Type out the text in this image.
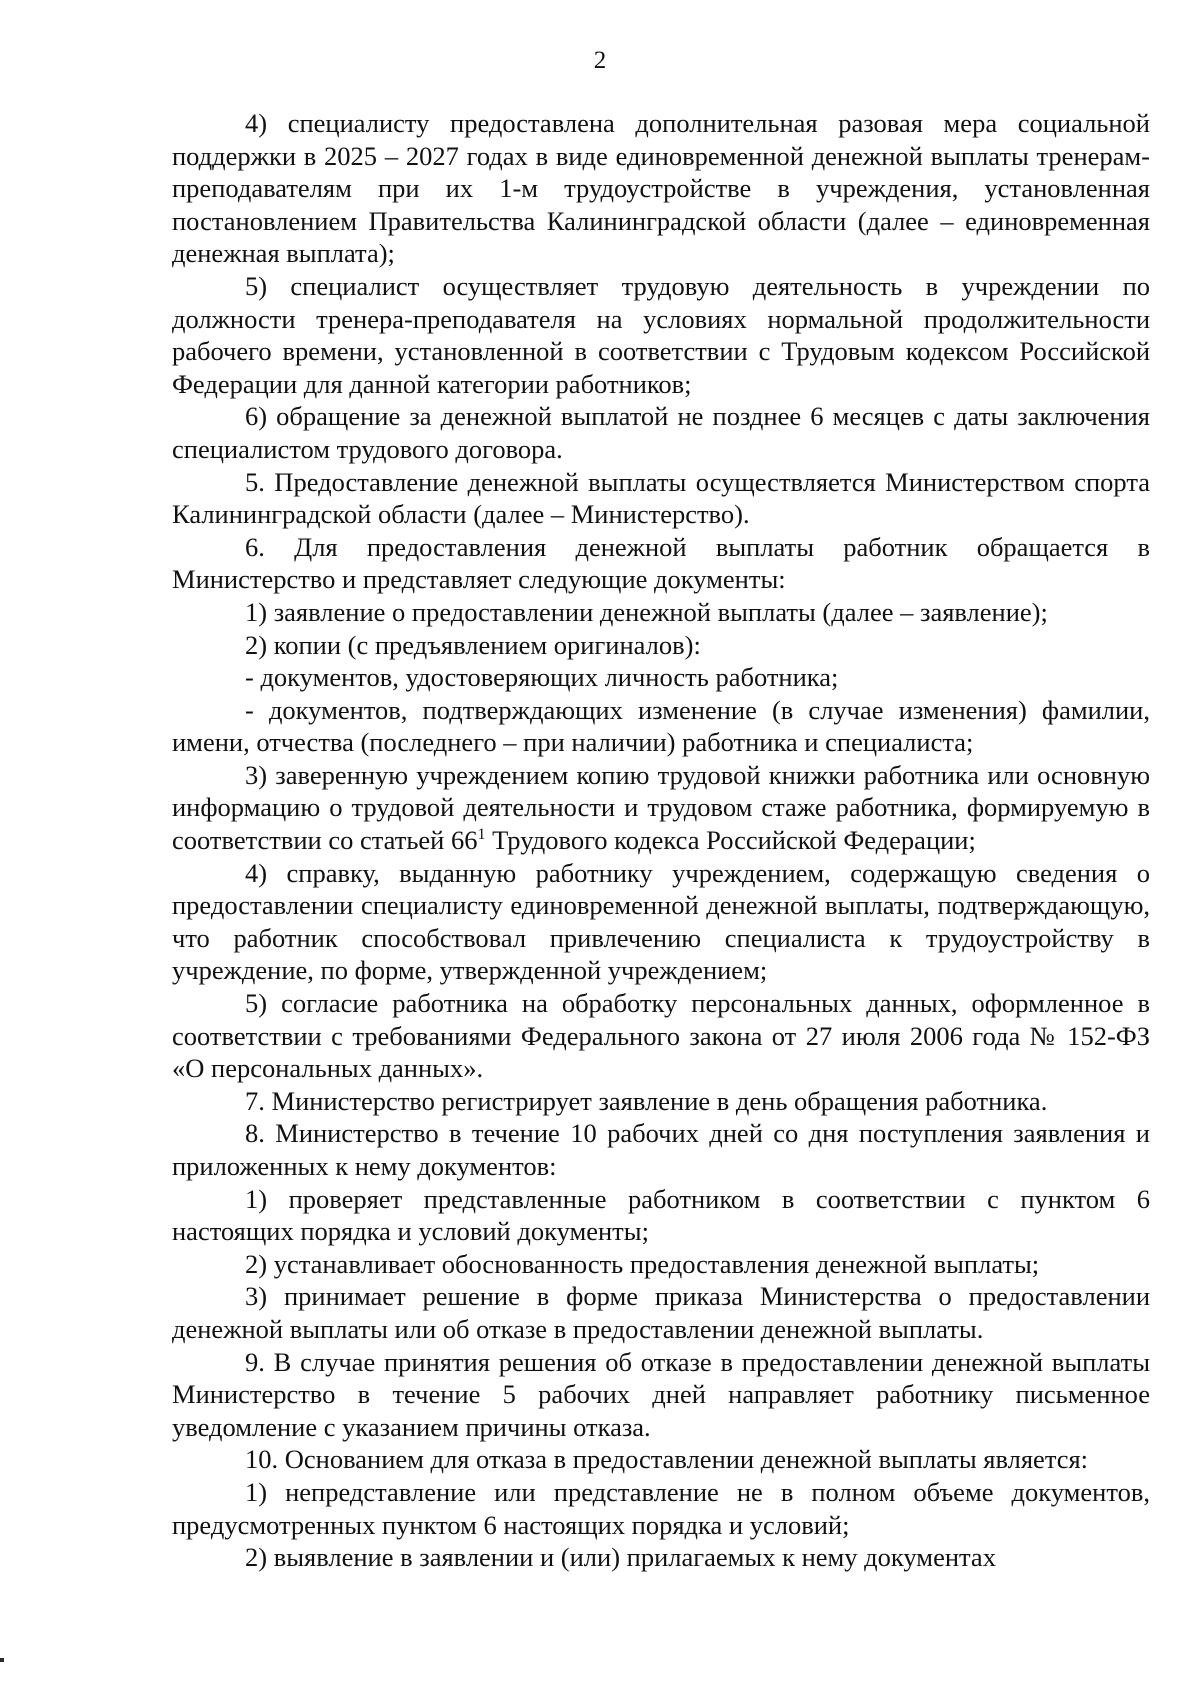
2

4) специалисту предоставлена дополнительная разовая мера социальной поддержки в 2025 – 2027 годах в виде единовременной денежной выплаты тренерам-преподавателям при их 1-м трудоустройстве в учреждения, установленная постановлением Правительства Калининградской области (далее – единовременная денежная выплата);

5) специалист осуществляет трудовую деятельность в учреждении по должности тренера-преподавателя на условиях нормальной продолжительности рабочего времени, установленной в соответствии с Трудовым кодексом Российской Федерации для данной категории работников;

6) обращение за денежной выплатой не позднее 6 месяцев с даты заключения специалистом трудового договора.

5. Предоставление денежной выплаты осуществляется Министерством спорта Калининградской области (далее – Министерство).

6. Для предоставления денежной выплаты работник обращается в Министерство и представляет следующие документы:

1) заявление о предоставлении денежной выплаты (далее – заявление);

2) копии (с предъявлением оригиналов):

- документов, удостоверяющих личность работника;

- документов, подтверждающих изменение (в случае изменения) фамилии, имени, отчества (последнего – при наличии) работника и специалиста;

3) заверенную учреждением копию трудовой книжки работника или основную информацию о трудовой деятельности и трудовом стаже работника, формируемую в соответствии со статьей $66^1$ Трудового кодекса Российской Федерации;

4) справку, выданную работнику учреждением, содержащую сведения о предоставлении специалисту единовременной денежной выплаты, подтверждающую, что работник способствовал привлечению специалиста к трудоустройству в учреждение, по форме, утвержденной учреждением;

5) согласие работника на обработку персональных данных, оформленное в соответствии с требованиями Федерального закона от 27 июля 2006 года № 152-ФЗ «О персональных данных».

7. Министерство регистрирует заявление в день обращения работника.

8. Министерство в течение 10 рабочих дней со дня поступления заявления и приложенных к нему документов:

1) проверяет представленные работником в соответствии с пунктом 6 настоящих порядка и условий документы;

2) устанавливает обоснованность предоставления денежной выплаты;

3) принимает решение в форме приказа Министерства о предоставлении денежной выплаты или об отказе в предоставлении денежной выплаты.

9. В случае принятия решения об отказе в предоставлении денежной выплаты Министерство в течение 5 рабочих дней направляет работнику письменное уведомление с указанием причины отказа.

10. Основанием для отказа в предоставлении денежной выплаты является:

1) непредставление или представление не в полном объеме документов, предусмотренных пунктом 6 настоящих порядка и условий;

2) выявление в заявлении и (или) прилагаемых к нему документах
